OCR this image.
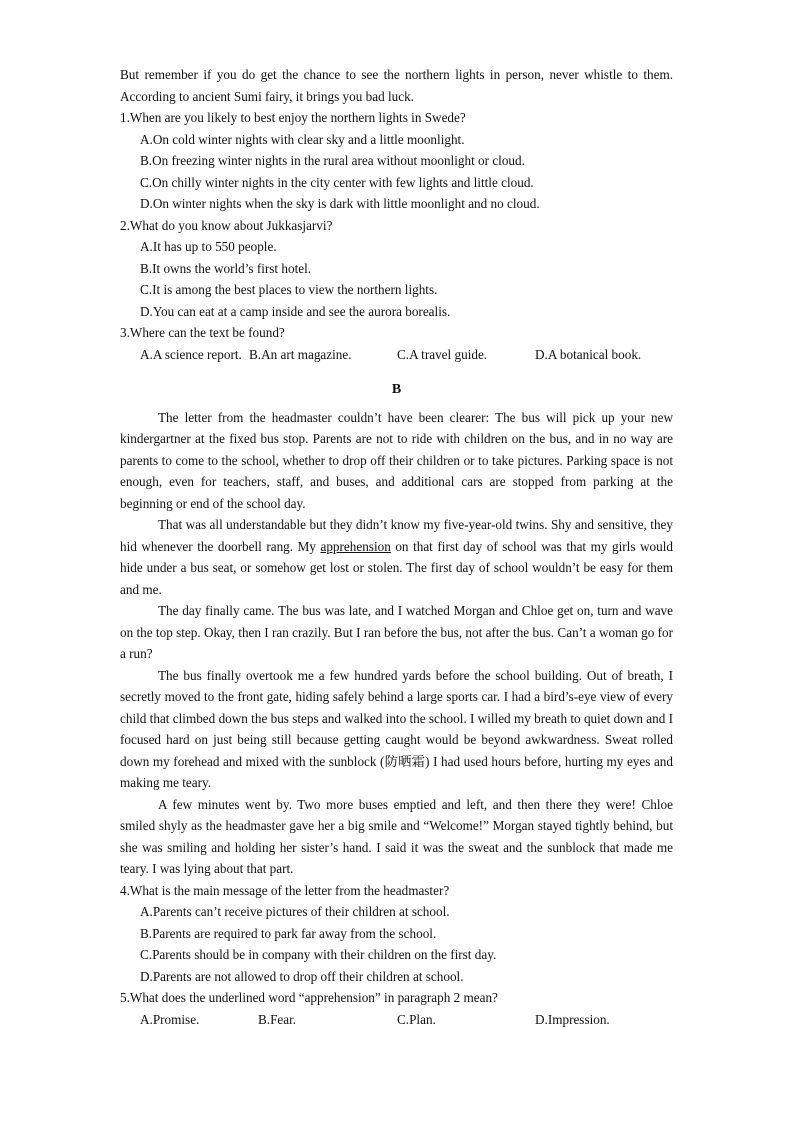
But remember if you do get the chance to see the northern lights in person, never whistle to them. According to ancient Sumi fairy, it brings you bad luck.

1.When are you likely to best enjoy the northern lights in Swede?

A.On cold winter nights with clear sky and a little moonlight.

B.On freezing winter nights in the rural area without moonlight or cloud.

C.On chilly winter nights in the city center with few lights and little cloud.

D.On winter nights when the sky is dark with little moonlight and no cloud.

2.What do you know about Jukkasjarvi?

A.It has up to 550 people.

B.It owns the world’s first hotel.

C.It is among the best places to view the northern lights.

D.You can eat at a camp inside and see the aurora borealis.

3.Where can the text be found?

A.A science report. B.An art magazine.	C.A travel guide.	D.A botanical book.

B

The letter from the headmaster couldn’t have been clearer: The bus will pick up your new kindergartner at the fixed bus stop. Parents are not to ride with children on the bus, and in no way are parents to come to the school, whether to drop off their children or to take pictures. Parking space is not enough, even for teachers, staff, and buses, and additional cars are stopped from parking at the beginning or end of the school day.

That was all understandable but they didn’t know my five-year-old twins. Shy and sensitive, they hid whenever the doorbell rang. My apprehension on that first day of school was that my girls would hide under a bus seat, or somehow get lost or stolen. The first day of school wouldn’t be easy for them and me.

The day finally came. The bus was late, and I watched Morgan and Chloe get on, turn and wave on the top step. Okay, then I ran crazily. But I ran before the bus, not after the bus. Can’t a woman go for a run?

The bus finally overtook me a few hundred yards before the school building. Out of breath, I secretly moved to the front gate, hiding safely behind a large sports car. I had a bird’s-eye view of every child that climbed down the bus steps and walked into the school. I willed my breath to quiet down and I focused hard on just being still because getting caught would be beyond awkwardness. Sweat rolled down my forehead and mixed with the sunblock (防晒霜) I had used hours before, hurting my eyes and making me teary.

A few minutes went by. Two more buses emptied and left, and then there they were! Chloe smiled shyly as the headmaster gave her a big smile and “Welcome!” Morgan stayed tightly behind, but she was smiling and holding her sister’s hand. I said it was the sweat and the sunblock that made me teary. I was lying about that part.

4.What is the main message of the letter from the headmaster?

A.Parents can’t receive pictures of their children at school.

B.Parents are required to park far away from the school.

C.Parents should be in company with their children on the first day.

D.Parents are not allowed to drop off their children at school.

5.What does the underlined word “apprehension” in paragraph 2 mean?

A.Promise.	B.Fear.	C.Plan.	D.Impression.
